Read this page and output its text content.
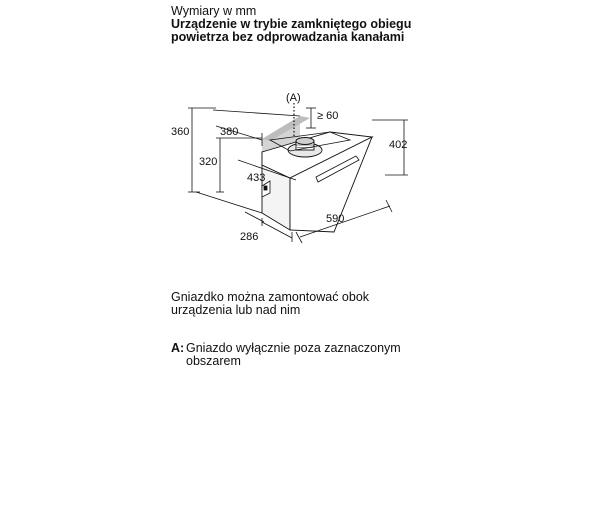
Wymiary w mm
Urządzenie w trybie zamkniętego obiegu
powietrza bez odprowadzania kanałami
(A)
≥ 60
360	380
320
433
402
590
286
Gniazdko można zamontować obok
urządzenia lub nad nim
A: Gniazdo wyłącznie poza zaznaczonym
obszarem
